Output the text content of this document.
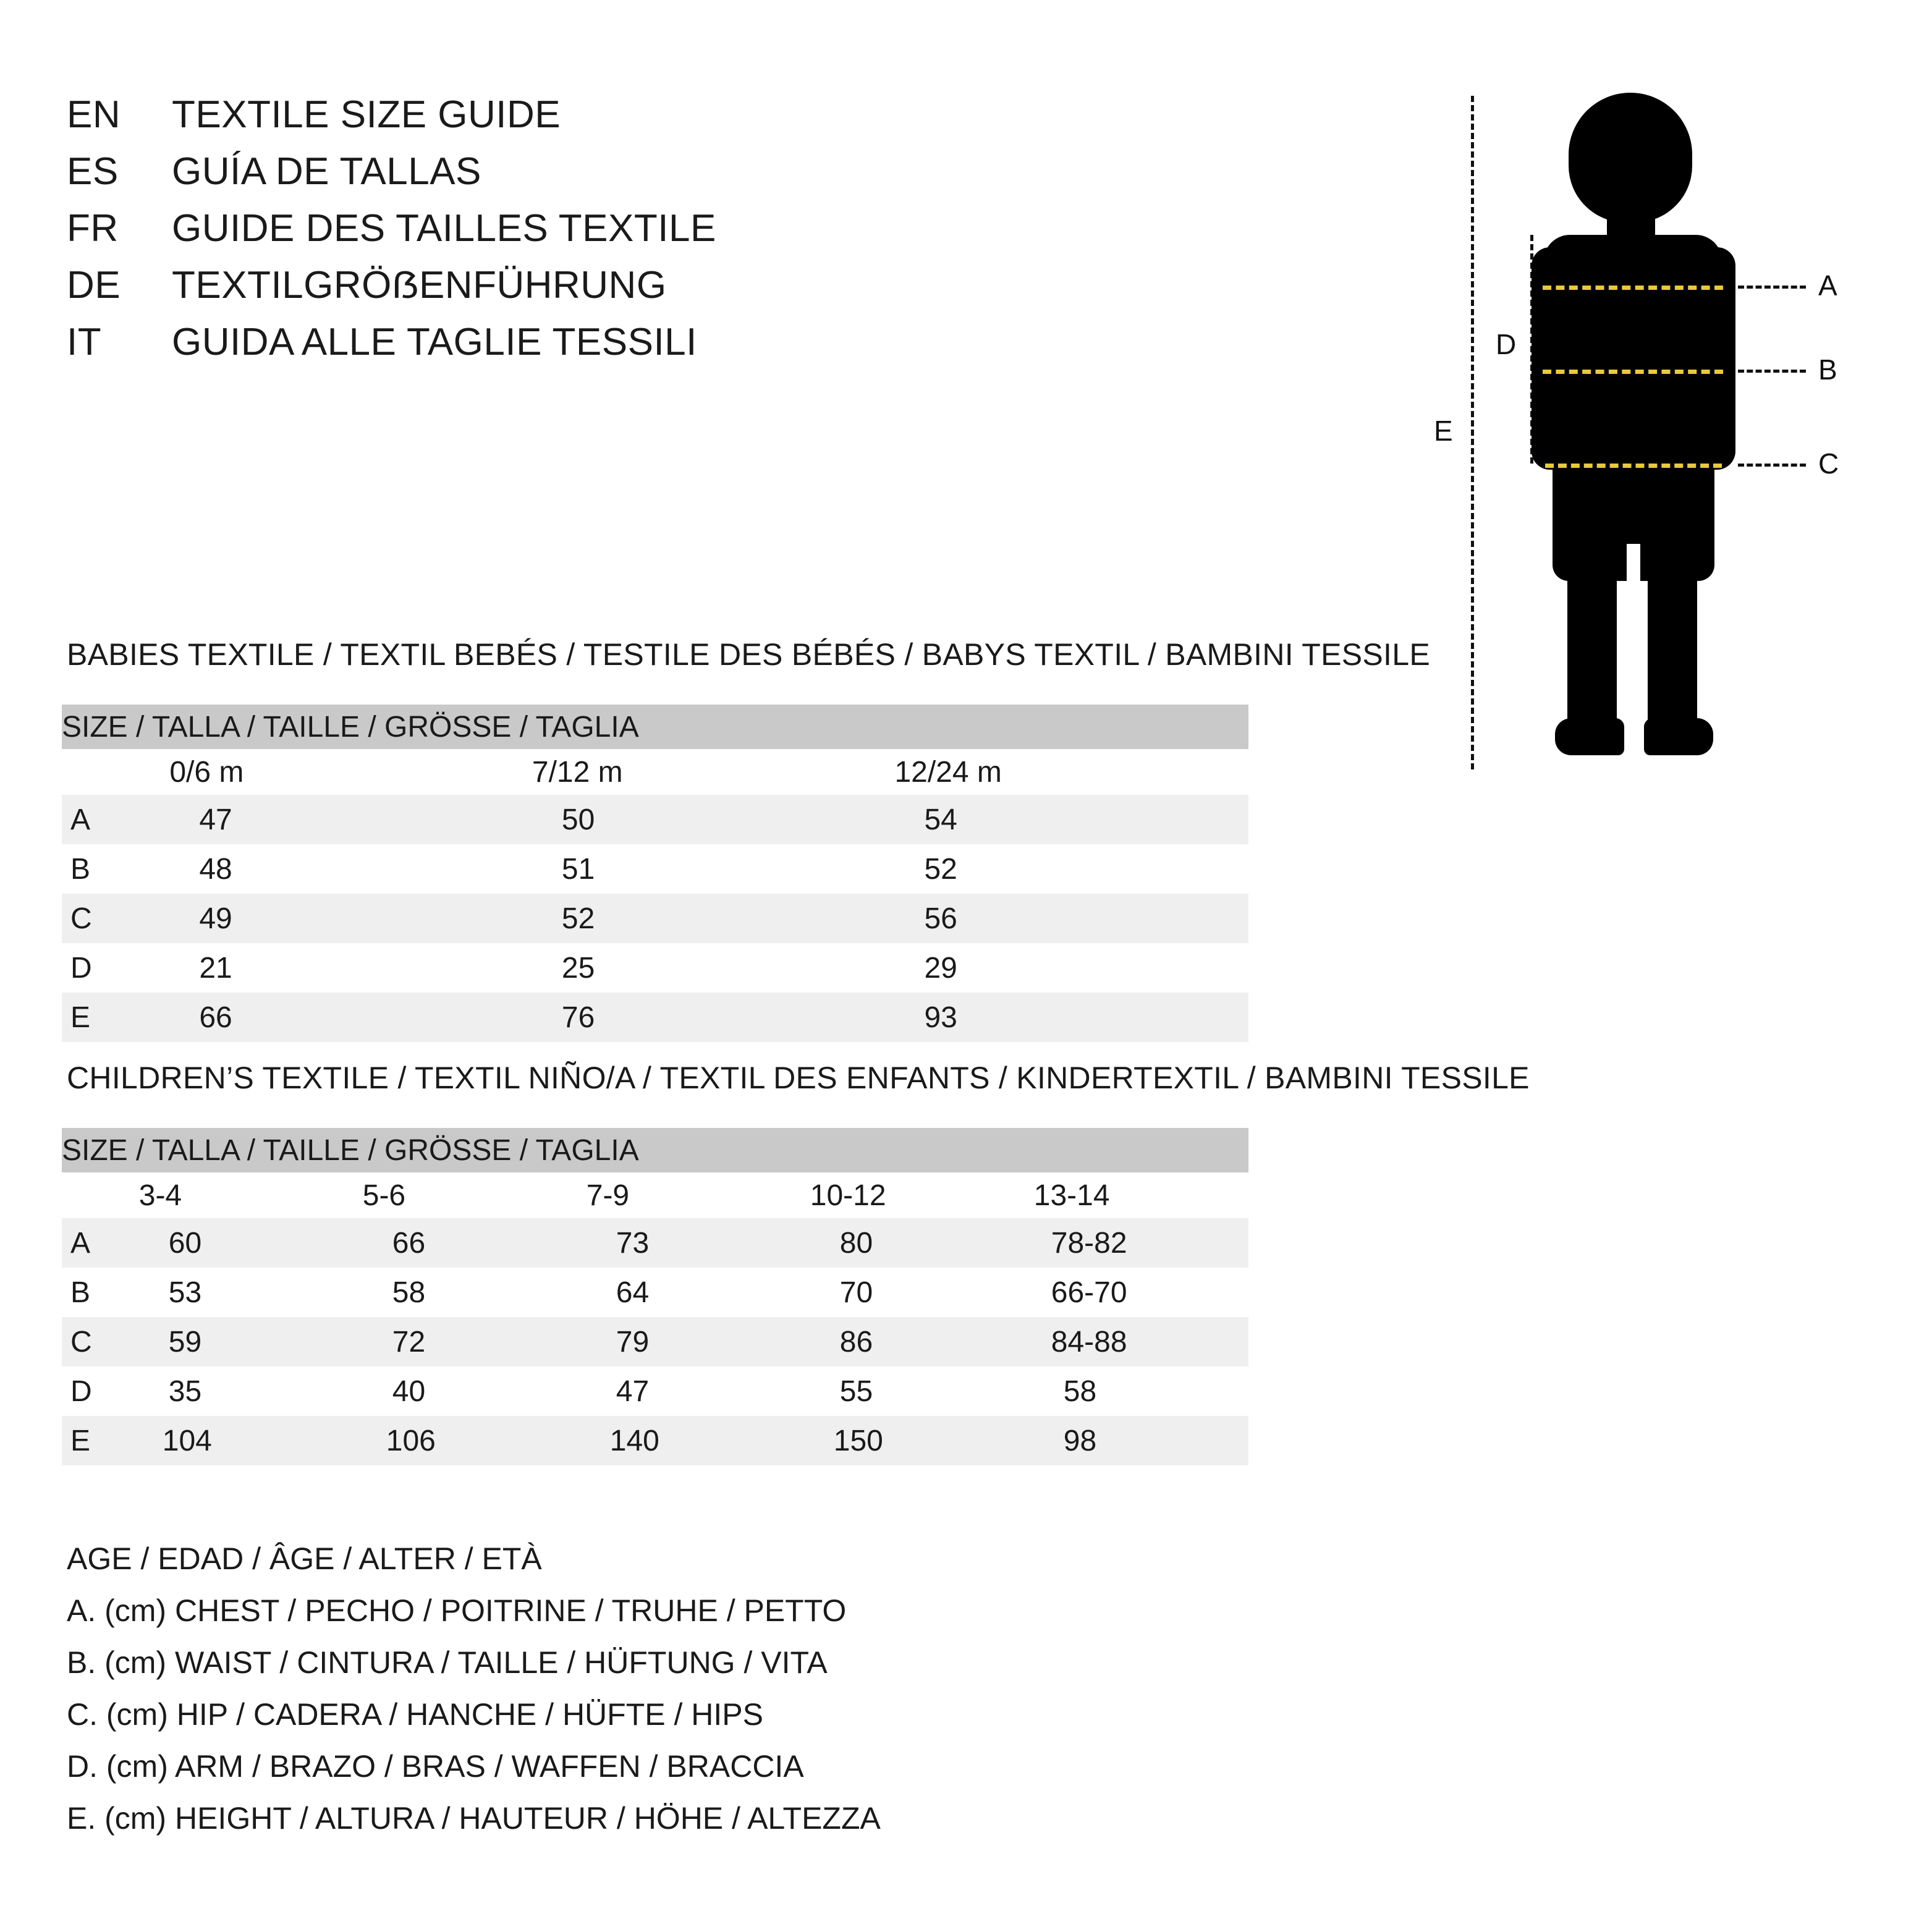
EN	TEXTILE SIZE GUIDE
ES	GUÍA DE TALLAS
FR	GUIDE DES TAILLES TEXTILE
DE	TEXTILGRÖẞENFÜHRUNG
IT	GUIDA ALLE TAGLIE TESSILI
E
D
A
B
C
BABIES TEXTILE / TEXTIL BEBÉS / TESTILE DES BÉBÉS / BABYS TEXTIL / BAMBINI TESSILE
SIZE / TALLA / TAILLE / GRÖSSE / TAGLIA			
	0/6 m	7/12 m	12/24 m
A	47	50	54
B	48	51	52
C	49	52	56
D	21	25	29
E	66	76	93
CHILDREN’S TEXTILE / TEXTIL NIÑO/A / TEXTIL DES ENFANTS / KINDERTEXTIL / BAMBINI TESSILE
SIZE / TALLA / TAILLE / GRÖSSE / TAGLIA					
	3-4	5-6	7-9	10-12	13-14
A	60	66	73	80	78-82
B	53	58	64	70	66-70
C	59	72	79	86	84-88
D	35	40	47	55	58
E	104	106	140	150	98
AGE / EDAD / ÂGE / ALTER / ETÀ
A. (cm) CHEST / PECHO / POITRINE / TRUHE / PETTO
B. (cm) WAIST / CINTURA / TAILLE / HÜFTUNG / VITA
C. (cm) HIP / CADERA / HANCHE / HÜFTE / HIPS
D. (cm) ARM / BRAZO / BRAS / WAFFEN / BRACCIA
E. (cm) HEIGHT / ALTURA / HAUTEUR / HÖHE / ALTEZZA
